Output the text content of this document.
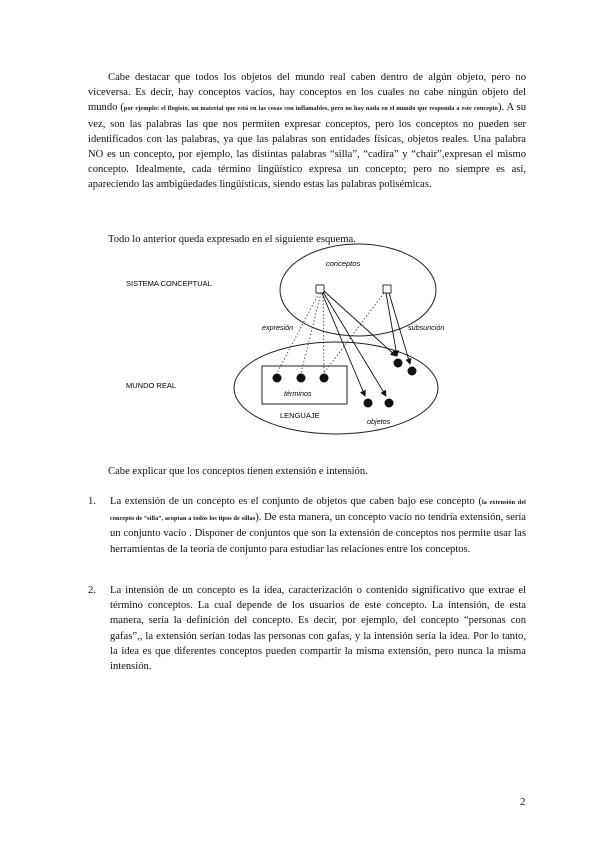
Cabe destacar que todos los objetos del mundo real caben dentro de algún objeto, pero no viceversa. Es decir, hay conceptos vacíos, hay conceptos en los cuales no cabe ningún objeto del mundo (por ejemplo: el flogisto, un material que está en las cosas con inflamables, pero no hay nada en el mundo que responda a este concepto). A su vez, son las palabras las que nos permiten expresar conceptos, pero los conceptos no pueden ser identificados con las palabras, ya que las palabras son entidades físicas, objetos reales. Una palabra NO es un concepto, por ejemplo, las distintas palabras “silla”, “cadira” y “chair”,expresan el mismo concepto. Idealmente, cada término lingüístico expresa un concepto; pero no siempre es así, apareciendo las ambigüedades lingüísticas, siendo estas las palabras polisémicas.

Todo lo anterior queda expresado en el siguiente esquema.

conceptos
SISTEMA CONCEPTUAL
MUNDO REAL
términos
LENGUAJE
objetos
expresión	subsunción

Cabe explicar que los conceptos tienen extensión e intensión.

1.	La extensión de un concepto es el conjunto de objetos que caben bajo ese concepto (la extensión del concepto de “silla”, acoptan a todos los tipos de sillas). De esta manera, un concepto vacío no tendría extensión, sería un conjunto vacío . Disponer de conjuntos que son la extensión de conceptos nos permite usar las herramientas de la teoría de conjunto para estudiar las relaciones entre los conceptos.
2.	La intensión de un concepto es la idea, caracterización o contenido significativo que extrae el término conceptos. La cual depende de los usuarios de este concepto. La intensión, de esta manera, sería la definición del concepto. Es decir, por ejemplo, del concepto “personas con gafas”,, la extensión serían todas las personas con gafas, y la intensión sería la idea. Por lo tanto, la idea es que diferentes conceptos pueden compartir la misma extensión, pero nunca la misma intensión.
2
